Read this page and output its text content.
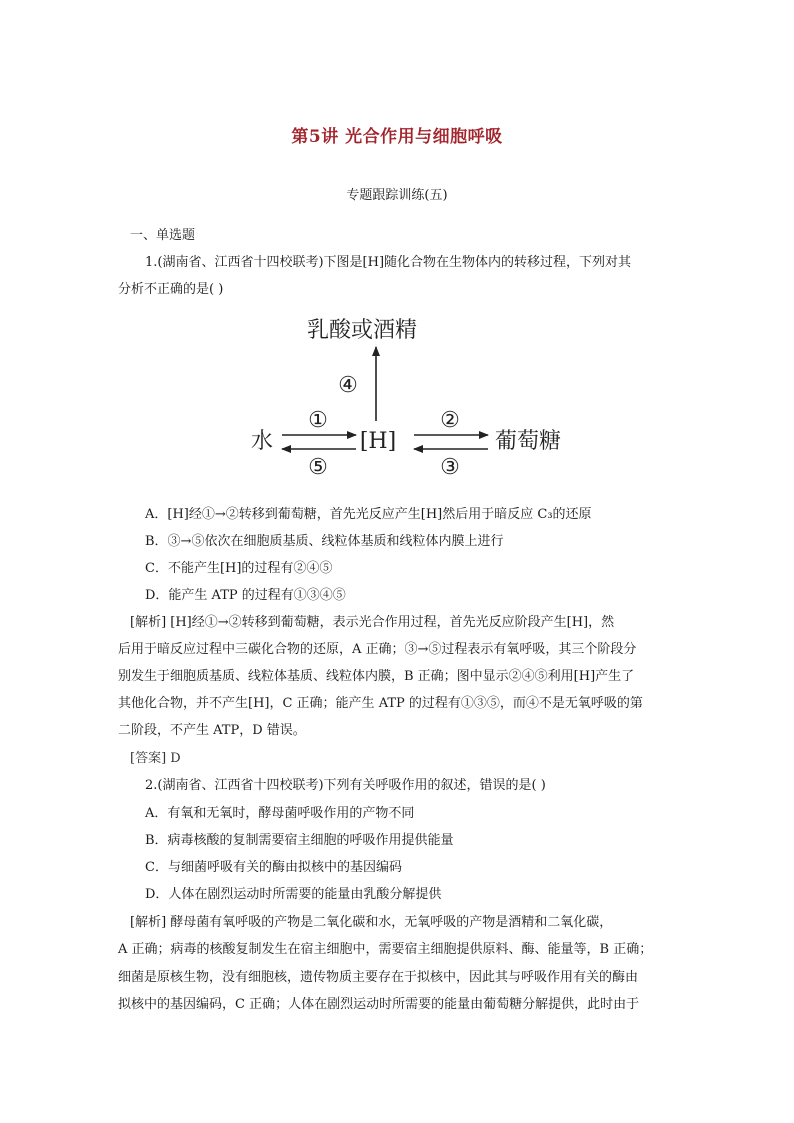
第5讲 光合作用与细胞呼吸
专题跟踪训练(五)
一、单选题
1.(湖南省、江西省十四校联考)下图是[H]随化合物在生物体内的转移过程，下列对其
分析不正确的是( )
乳酸或酒精
④
水	[H]	葡萄糖
①
⑤
②
③
A．[H]经①→②转移到葡萄糖，首先光反应产生[H]然后用于暗反应 C₃的还原
B．③→⑤依次在细胞质基质、线粒体基质和线粒体内膜上进行
C．不能产生[H]的过程有②④⑤
D．能产生 ATP 的过程有①③④⑤
[解析] [H]经①→②转移到葡萄糖，表示光合作用过程，首先光反应阶段产生[H]，然
后用于暗反应过程中三碳化合物的还原，A 正确；③→⑤过程表示有氧呼吸，其三个阶段分
别发生于细胞质基质、线粒体基质、线粒体内膜，B 正确；图中显示②④⑤利用[H]产生了
其他化合物，并不产生[H]，C 正确；能产生 ATP 的过程有①③⑤，而④不是无氧呼吸的第
二阶段，不产生 ATP，D 错误。
[答案] D
2.(湖南省、江西省十四校联考)下列有关呼吸作用的叙述，错误的是( )
A．有氧和无氧时，酵母菌呼吸作用的产物不同
B．病毒核酸的复制需要宿主细胞的呼吸作用提供能量
C．与细菌呼吸有关的酶由拟核中的基因编码
D．人体在剧烈运动时所需要的能量由乳酸分解提供
[解析] 酵母菌有氧呼吸的产物是二氧化碳和水，无氧呼吸的产物是酒精和二氧化碳，
A 正确；病毒的核酸复制发生在宿主细胞中，需要宿主细胞提供原料、酶、能量等，B 正确；
细菌是原核生物，没有细胞核，遗传物质主要存在于拟核中，因此其与呼吸作用有关的酶由
拟核中的基因编码，C 正确；人体在剧烈运动时所需要的能量由葡萄糖分解提供，此时由于
